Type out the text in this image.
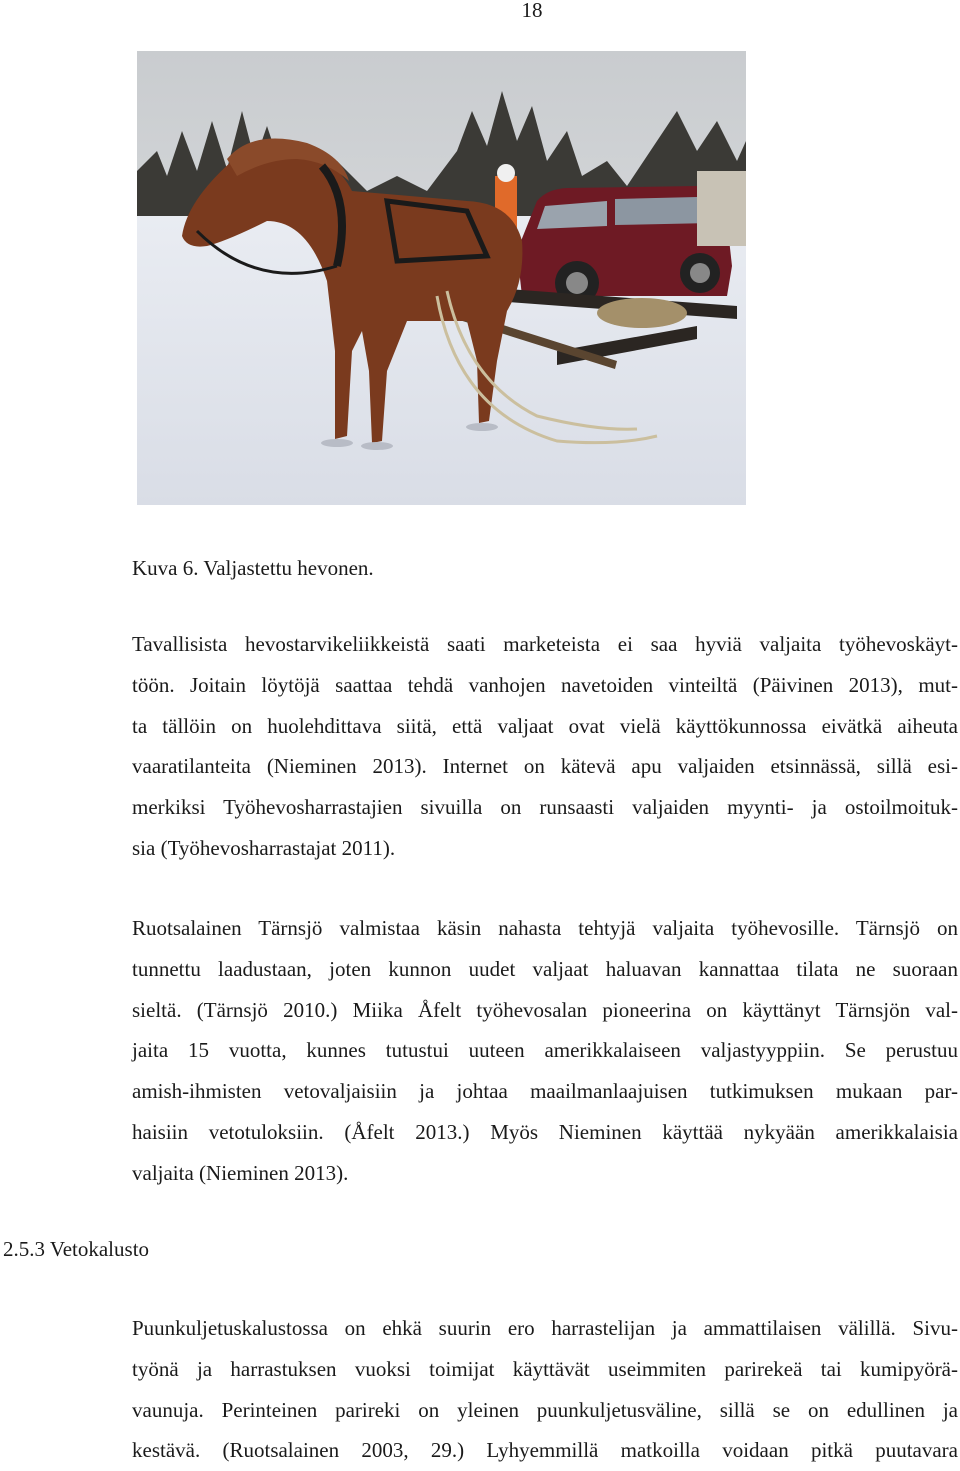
18
Kuva 6. Valjastettu hevonen.
Tavallisista hevostarvikeliikkeistä saati marketeista ei saa hyviä valjaita työhevoskäyt-
töön. Joitain löytöjä saattaa tehdä vanhojen navetoiden vinteiltä (Päivinen 2013), mut-
ta tällöin on huolehdittava siitä, että valjaat ovat vielä käyttökunnossa eivätkä aiheuta
vaaratilanteita (Nieminen 2013). Internet on kätevä apu valjaiden etsinnässä, sillä esi-
merkiksi Työhevosharrastajien sivuilla on runsaasti valjaiden myynti- ja ostoilmoituk-
sia (Työhevosharrastajat 2011).
Ruotsalainen Tärnsjö valmistaa käsin nahasta tehtyjä valjaita työhevosille. Tärnsjö on
tunnettu laadustaan, joten kunnon uudet valjaat haluavan kannattaa tilata ne suoraan
sieltä. (Tärnsjö 2010.) Miika Åfelt työhevosalan pioneerina on käyttänyt Tärnsjön val-
jaita 15 vuotta, kunnes tutustui uuteen amerikkalaiseen valjastyyppiin. Se perustuu
amish-ihmisten vetovaljaisiin ja johtaa maailmanlaajuisen tutkimuksen mukaan par-
haisiin vetotuloksiin. (Åfelt 2013.) Myös Nieminen käyttää nykyään amerikkalaisia
valjaita (Nieminen 2013).
2.5.3 Vetokalusto
Puunkuljetuskalustossa on ehkä suurin ero harrastelijan ja ammattilaisen välillä. Sivu-
työnä ja harrastuksen vuoksi toimijat käyttävät useimmiten parirekeä tai kumipyörä-
vaunuja. Perinteinen parireki on yleinen puunkuljetusväline, sillä se on edullinen ja
kestävä. (Ruotsalainen 2003, 29.) Lyhyemmillä matkoilla voidaan pitkä puutavara
